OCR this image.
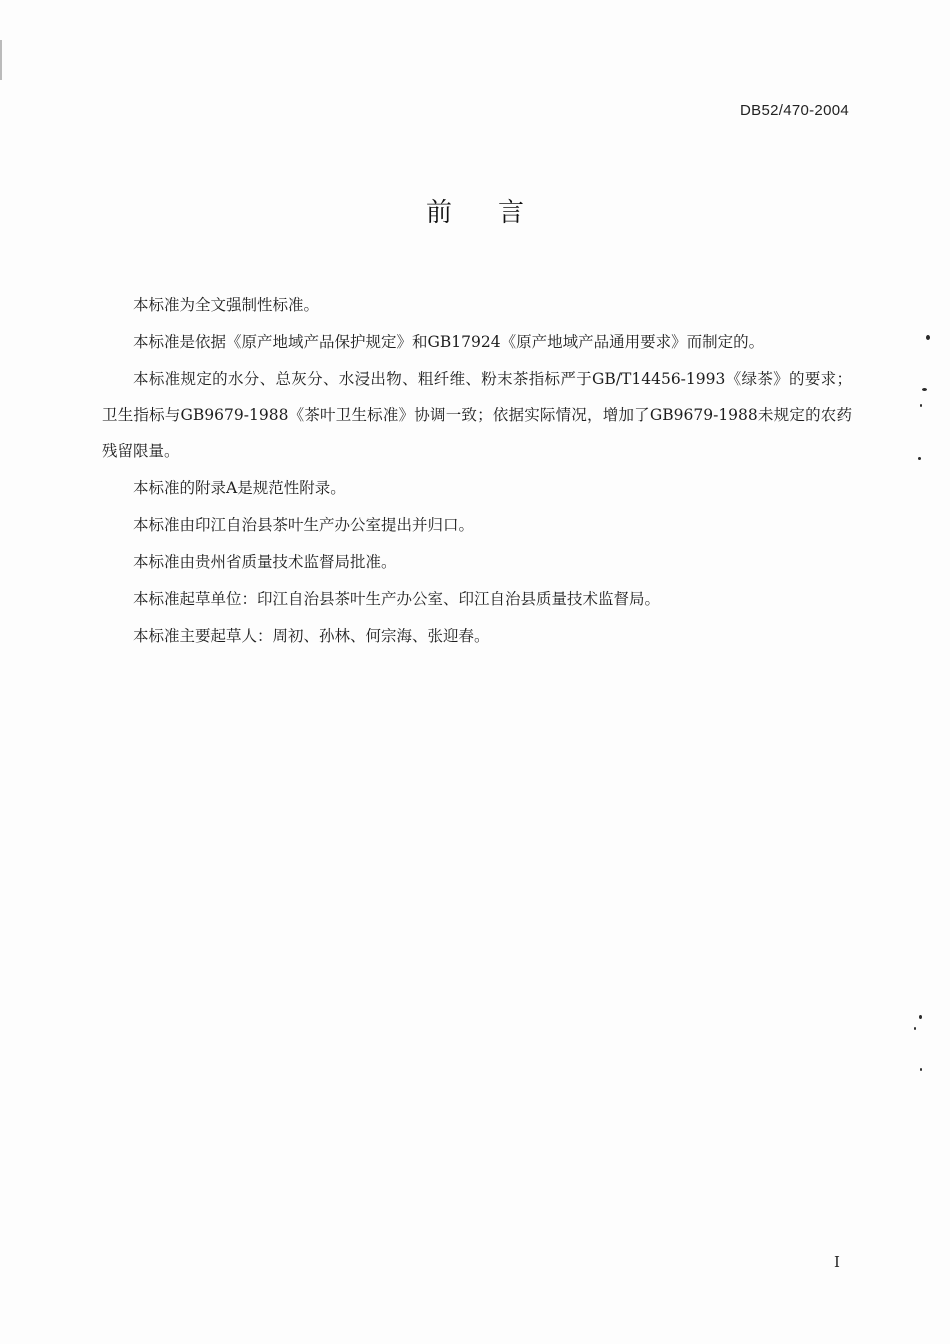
DB52/470-2004
前言

本标准为全文强制性标准。

本标准是依据《原产地域产品保护规定》和GB17924《原产地域产品通用要求》而制定的。

本标准规定的水分、总灰分、水浸出物、粗纤维、粉末茶指标严于GB/T14456-1993《绿茶》的要求；卫生指标与GB9679-1988《茶叶卫生标准》协调一致；依据实际情况，增加了GB9679-1988未规定的农药残留限量。

本标准的附录A是规范性附录。

本标准由印江自治县茶叶生产办公室提出并归口。

本标准由贵州省质量技术监督局批准。

本标准起草单位：印江自治县茶叶生产办公室、印江自治县质量技术监督局。

本标准主要起草人：周初、孙林、何宗海、张迎春。

I
